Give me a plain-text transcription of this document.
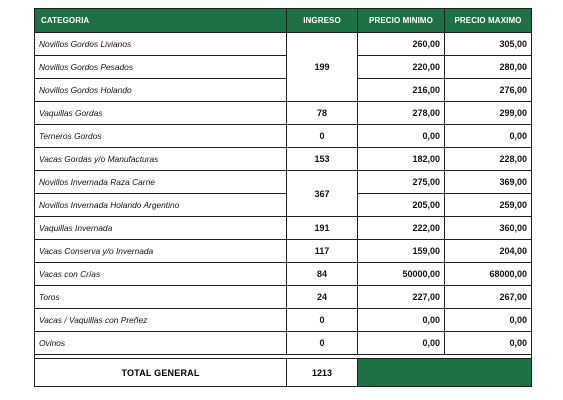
CATEGORIA	INGRESO	PRECIO MINIMO	PRECIO MAXIMO
Novillos Gordos Livianos	199	260,00	305,00
Novillos Gordos Pesados		220,00	280,00
Novillos Gordos Holando		216,00	276,00
Vaquillas Gordas	78	278,00	299,00
Terneros Gordos	0	0,00	0,00
Vacas Gordas y/o Manufacturas	153	182,00	228,00
Novillos Invernada Raza Carne	367	275,00	369,00
Novillos Invernada Holando Argentino		205,00	259,00
Vaquillas Invernada	191	222,00	360,00
Vacas Conserva y/o Invernada	117	159,00	204,00
Vacas con Crías	84	50000,00	68000,00
Toros	24	227,00	267,00
Vacas / Vaquillas con Preñez	0	0,00	0,00
Ovinos	0	0,00	0,00

TOTAL GENERAL	1213		
